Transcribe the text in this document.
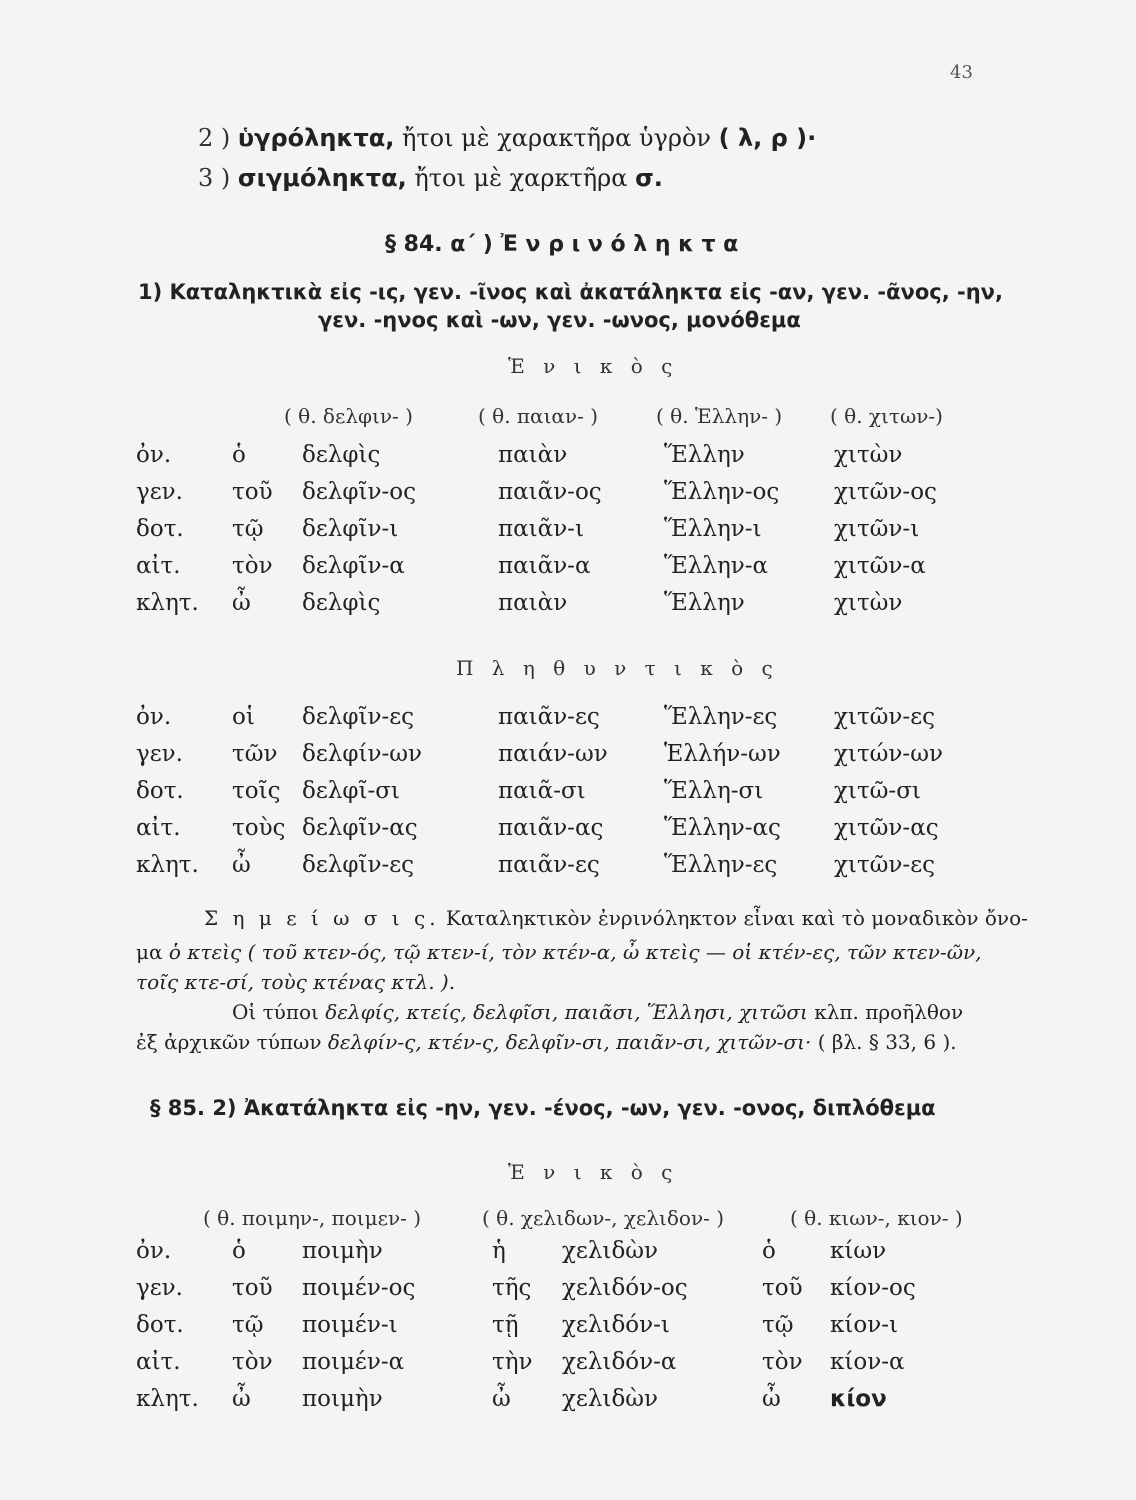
43
2 ) ὑγρόληκτα, ἤτοι μὲ χαρακτῆρα ὑγρὸν ( λ, ρ )·
3 ) σιγμόληκτα, ἤτοι μὲ χαρκτῆρα σ.
§ 84. α΄ ) Ἐ ν ρ ι ν ό λ η κ τ α
1) Καταληκτικὰ εἰς -ις, γεν. -ῖνος καὶ ἀκατάληκτα εἰς -αν, γεν. -ᾶνος, -ην,
γεν. -ηνος καὶ -ων, γεν. -ωνος, μονόθεμα
Ἑ ν ι κ ὸ ς
( θ. δελφιν- )	( θ. παιαν- )	( θ. Ἑλλην- ) ( θ. χιτων-)
ὀν.	ὁ	δελφὶς	παιὰν	Ἕλλην	χιτὼν
γεν.	τοῦ	δελφῖν-ος	παιᾶν-ος	Ἕλλην-ος	χιτῶν-ος
δοτ.	τῷ	δελφῖν-ι	παιᾶν-ι	Ἕλλην-ι	χιτῶν-ι
αἰτ.	τὸν	δελφῖν-α	παιᾶν-α	Ἕλλην-α	χιτῶν-α
κλητ.	ὦ	δελφὶς	παιὰν	Ἕλλην	χιτὼν
Π λ η θ υ ν τ ι κ ὸ ς
ὀν.	οἱ	δελφῖν-ες	παιᾶν-ες	Ἕλλην-ες	χιτῶν-ες
γεν.	τῶν	δελφίν-ων	παιάν-ων	Ἑλλήν-ων	χιτών-ων
δοτ.	τοῖς	δελφῖ-σι	παιᾶ-σι	Ἕλλη-σι	χιτῶ-σι
αἰτ.	τοὺς	δελφῖν-ας	παιᾶν-ας	Ἕλλην-ας	χιτῶν-ας
κλητ.	ὦ	δελφῖν-ες	παιᾶν-ες	Ἕλλην-ες	χιτῶν-ες
Σ η μ ε ί ω σ ι ς. Καταληκτικὸν ἐνρινόληκτον εἶναι καὶ τὸ μοναδικὸν ὄνο-
μα ὁ κτεὶς ( τοῦ κτεν-ός, τῷ κτεν-ί, τὸν κτέν-α, ὦ κτεὶς — οἱ κτέν-ες, τῶν κτεν-ῶν,
τοῖς κτε-σί, τοὺς κτένας κτλ. ).
Οἱ τύποι δελφίς, κτείς, δελφῖσι, παιᾶσι, Ἕλλησι, χιτῶσι κλπ. προῆλθον
ἐξ ἀρχικῶν τύπων δελφίν-ς, κτέν-ς, δελφῖν-σι, παιᾶν-σι, χιτῶν-σι· ( βλ. § 33, 6 ).
§ 85. 2) Ἀκατάληκτα εἰς -ην, γεν. -ένος, -ων, γεν. -ονος, διπλόθεμα
Ἑ ν ι κ ὸ ς
( θ. ποιμην-, ποιμεν- )	( θ. χελιδων-, χελιδον- )	( θ. κιων-, κιον- )
ὀν.	ὁ	ποιμὴν	ἡ	χελιδὼν	ὁ	κίων
γεν.	τοῦ	ποιμέν-ος	τῆς	χελιδόν-ος	τοῦ	κίον-ος
δοτ.	τῷ	ποιμέν-ι	τῇ	χελιδόν-ι	τῷ	κίον-ι
αἰτ.	τὸν	ποιμέν-α	τὴν	χελιδόν-α	τὸν	κίον-α
κλητ.	ὦ	ποιμὴν	ὦ	χελιδὼν	ὦ	κίον
